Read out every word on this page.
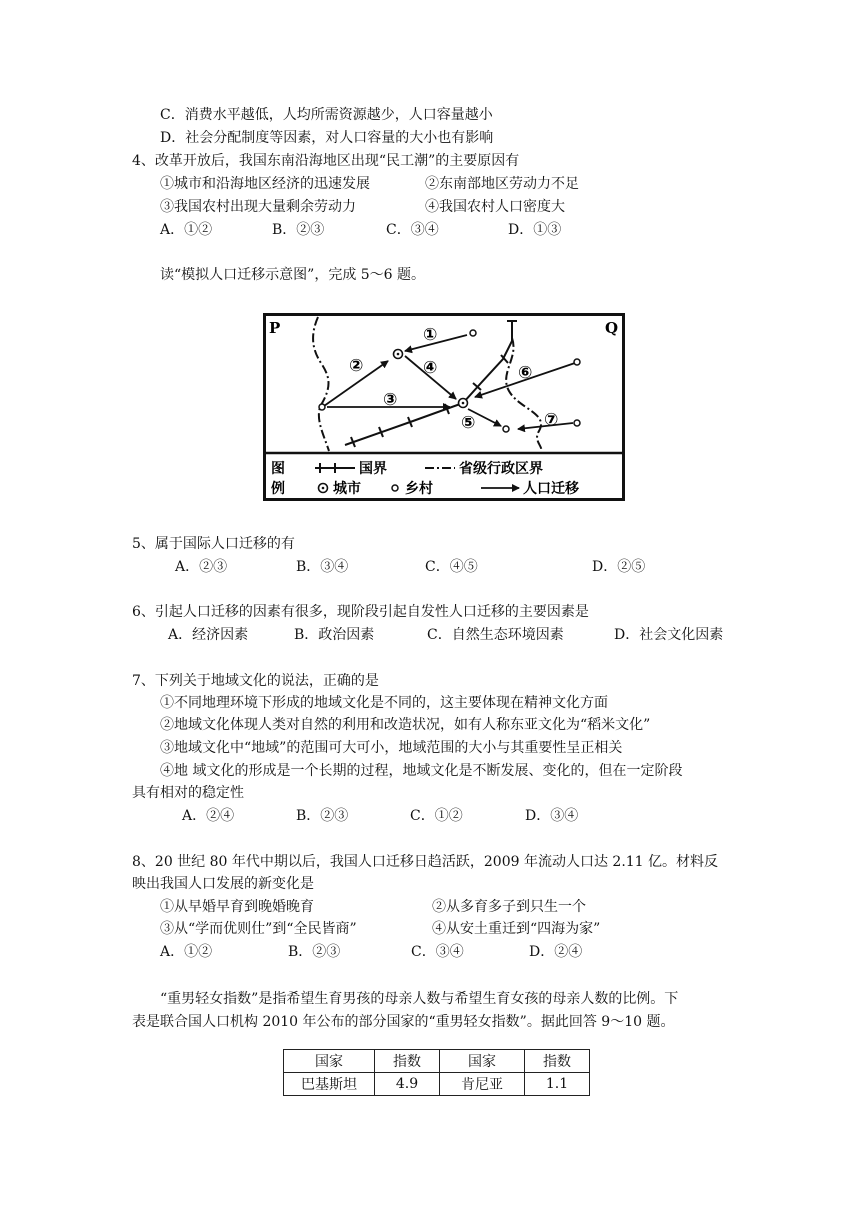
C．消费水平越低，人均所需资源越少，人口容量越小
D．社会分配制度等因素，对人口容量的大小也有影响
4、改革开放后，我国东南沿海地区出现“民工潮”的主要原因有
①城市和沿海地区经济的迅速发展	②东南部地区劳动力不足
③我国农村出现大量剩余劳动力	④我国农村人口密度大
A．①②	B．②③	C．③④	D．①③
读“模拟人口迁移示意图”，完成 5～6 题。
P	Q
①
②
③
④
⑤
⑥
⑦
图
例
国界	省级行政区界
城市	乡村	人口迁移
5、属于国际人口迁移的有
A．②③	B．③④	C．④⑤	D．②⑤
6、引起人口迁移的因素有很多，现阶段引起自发性人口迁移的主要因素是
A．经济因素	B．政治因素	C．自然生态环境因素	D．社会文化因素
7、下列关于地域文化的说法，正确的是
①不同地理环境下形成的地域文化是不同的，这主要体现在精神文化方面
②地域文化体现人类对自然的利用和改造状况，如有人称东亚文化为“稻米文化”
③地域文化中“地域”的范围可大可小，地域范围的大小与其重要性呈正相关
④地 域文化的形成是一个长期的过程，地域文化是不断发展、变化的，但在一定阶段
具有相对的稳定性
A．②④	B．②③	C．①②	D．③④
8、20 世纪 80 年代中期以后，我国人口迁移日趋活跃，2009 年流动人口达 2.11 亿。材料反
映出我国人口发展的新变化是
①从早婚早育到晚婚晚育	②从多育多子到只生一个
③从“学而优则仕”到“全民皆商”	④从安土重迁到“四海为家”
A．①②	B．②③	C．③④	D．②④
“重男轻女指数”是指希望生育男孩的母亲人数与希望生育女孩的母亲人数的比例。下
表是联合国人口机构 2010 年公布的部分国家的“重男轻女指数”。据此回答 9～10 题。
国家	指数	国家	指数
巴基斯坦	4.9	肯尼亚	1.1
